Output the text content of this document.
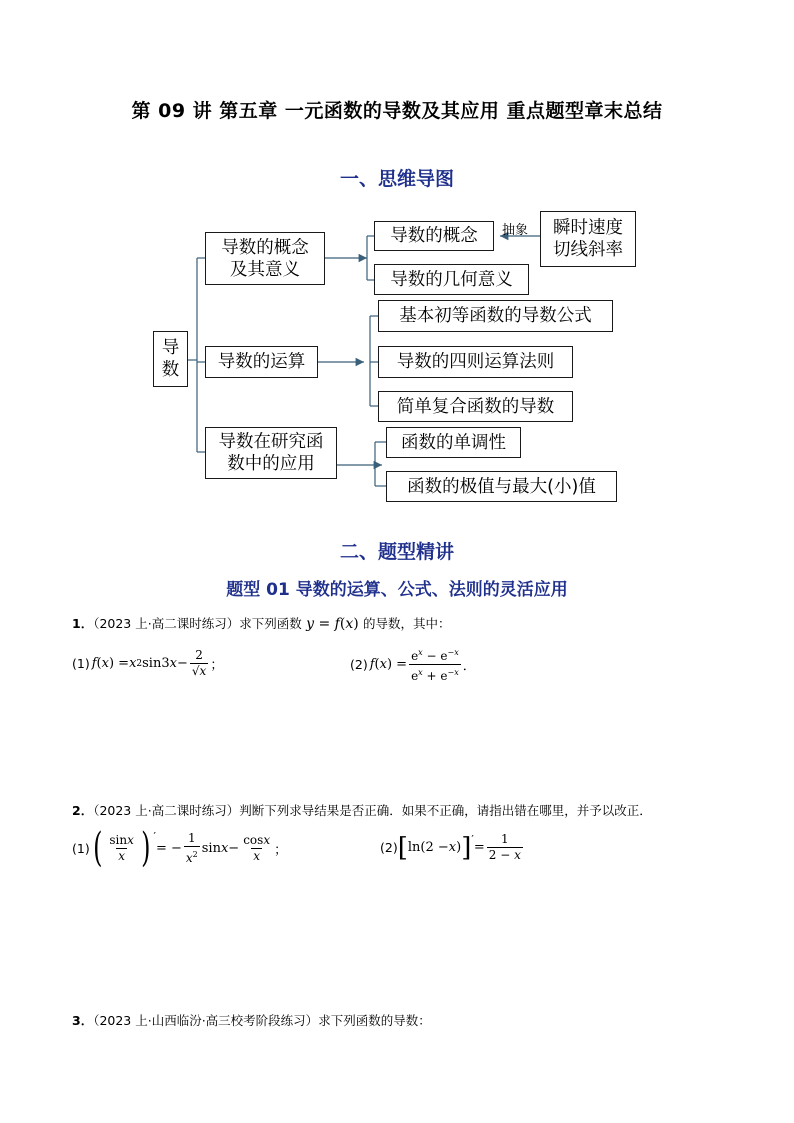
第 09 讲 第五章 一元函数的导数及其应用 重点题型章末总结
一、思维导图
导
数
导数的概念
及其意义
导数的运算
导数在研究函
数中的应用
导数的概念
导数的几何意义
抽象 瞬时速度
切线斜率
基本初等函数的导数公式
导数的四则运算法则
简单复合函数的导数
函数的单调性
函数的极值与最大(小)值
二、题型精讲
题型 01 导数的运算、公式、法则的灵活应用
1．（2023 上·高二课时练习）求下列函数 y = f(x) 的导数，其中：
(1) f ( x ) = x 2 sin3 $x - \frac{2}{√x}$ ；	(2) f ( x ) = $\frac{e^x - e^{-x}}{e^x + e^{-x}}$ ．
2．（2023 上·高二课时练习）判断下列求导结果是否正确．如果不正确，请指出错在哪里，并予以改正．
(1) ( $\frac{\sin x}{x}$ ) ′
= − $\frac{1}{x^2}$ $\sin x - \frac{\cos x}{x}$ ；	(2) [ ln(2 − x ) ]′
= $\frac{1}{2 - x}$
3．（2023 上·山西临汾·高三校考阶段练习）求下列函数的导数：
